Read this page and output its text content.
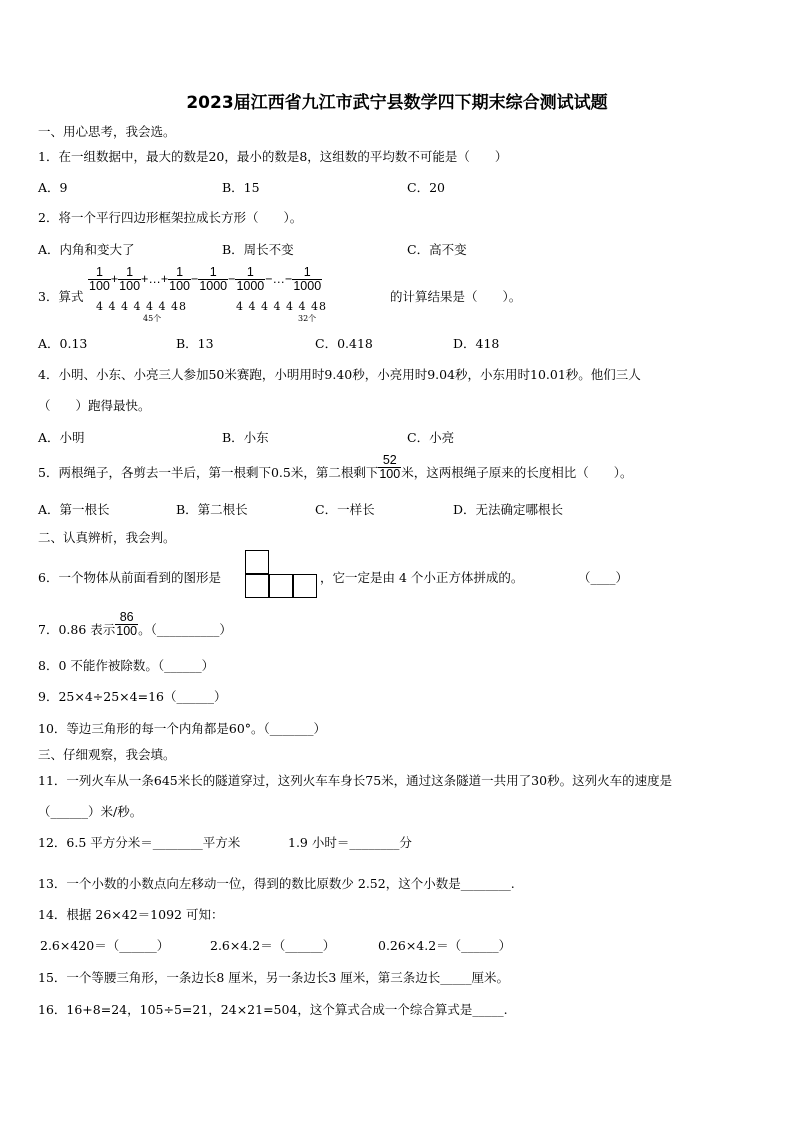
2023届江西省九江市武宁县数学四下期末综合测试试题
一、用心思考，我会选。
1．在一组数据中，最大的数是20，最小的数是8，这组数的平均数不可能是（　　）
A．9	B．15	C．20
2．将一个平行四边形框架拉成长方形（　　）。
A．内角和变大了	B．周长不变	C．高不变
3．算式
$\frac{1}{100} + \frac{1}{100}$ +…+ $\frac{1}{100} - \frac{1}{1000} - \frac{1}{1000}$ −…− $\frac{1}{1000}$
的计算结果是（　　）。
4 4 4 4 4 4 48	4 4 4 4 4 4 48
45个	32个
A．0.13	B．13	C．0.418	D．418
4．小明、小东、小亮三人参加50米赛跑，小明用时9.40秒，小亮用时9.04秒，小东用时10.01秒。他们三人
（　　）跑得最快。
A．小明	B．小东	C．小亮
5．两根绳子，各剪去一半后，第一根剩下0.5米，第二根剩下 $\frac{52}{100}$ 米，这两根绳子原来的长度相比（　　）。
A．第一根长	B．第二根长	C．一样长	D．无法确定哪根长
二、认真辨析，我会判。
6．一个物体从前面看到的图形是	，它一定是由 4 个小正方体拼成的。	（____）
7．0.86 表示 $\frac{86}{100}$ 。（__________）
8．0 不能作被除数。（______）
9．25×4÷25×4=16（______）
10．等边三角形的每一个内角都是60°。（_______）
三、仔细观察，我会填。
11．一列火车从一条645米长的隧道穿过，这列火车车身长75米，通过这条隧道一共用了30秒。这列火车的速度是
（______）米/秒。
12．6.5 平方分米＝________平方米	1.9 小时＝________分
13．一个小数的小数点向左移动一位，得到的数比原数少 2.52，这个小数是________.
14．根据 26×42＝1092 可知：
2.6×420＝（______）	2.6×4.2＝（______）	0.26×4.2＝（______）
15．一个等腰三角形，一条边长8 厘米，另一条边长3 厘米，第三条边长_____厘米。
16．16+8=24，105÷5=21，24×21=504，这个算式合成一个综合算式是_____.
